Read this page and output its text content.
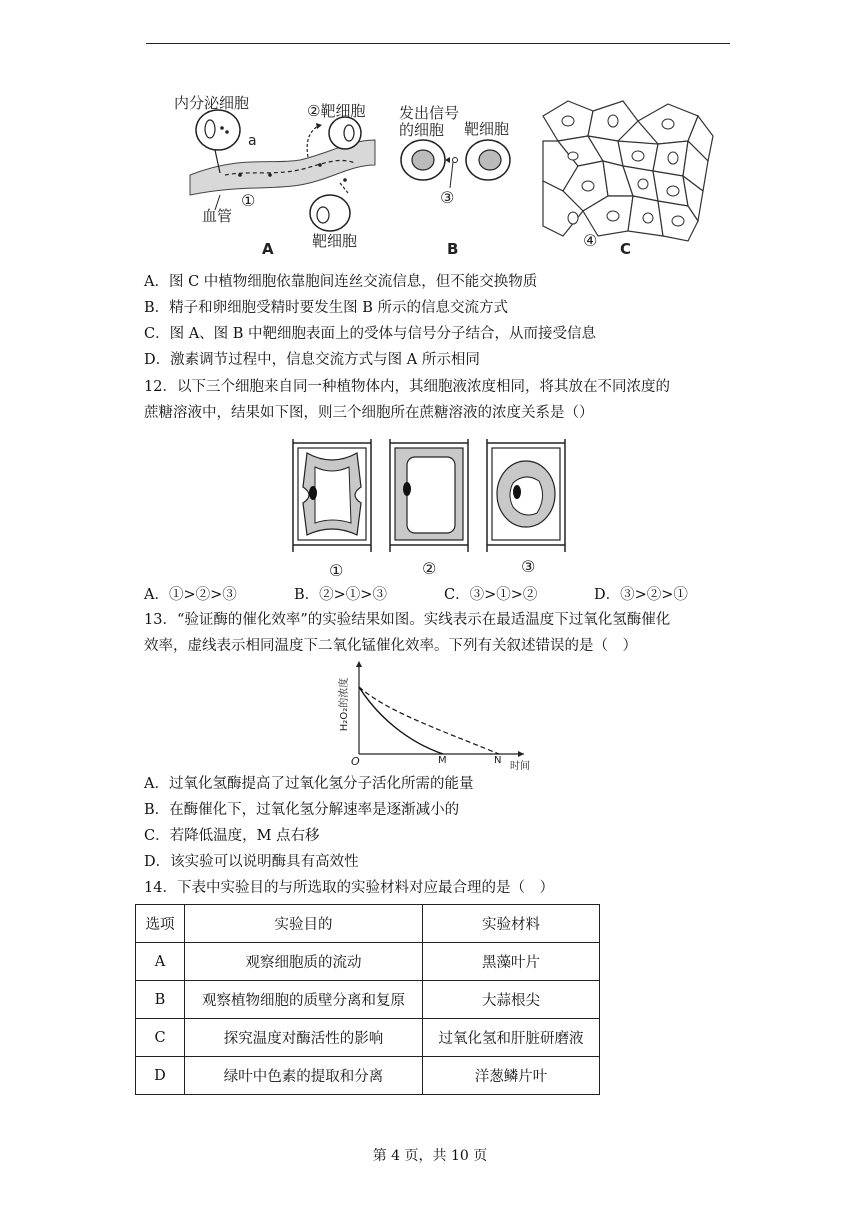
内分泌细胞
a
②靶细胞
血管
①
靶细胞
A
发出信号
的细胞 靶细胞
③
B	④ C
A．图 C 中植物细胞依靠胞间连丝交流信息，但不能交换物质
B．精子和卵细胞受精时要发生图 B 所示的信息交流方式
C．图 A、图 B 中靶细胞表面上的受体与信号分子结合，从而接受信息
D．激素调节过程中，信息交流方式与图 A 所示相同
12．以下三个细胞来自同一种植物体内，其细胞液浓度相同，将其放在不同浓度的
蔗糖溶液中，结果如下图，则三个细胞所在蔗糖溶液的浓度关系是（）
①	②	③
A．①>②>③	B．②>①>③	C．③>①>②	D．③>②>①
13．“验证酶的催化效率”的实验结果如图。实线表示在最适温度下过氧化氢酶催化
效率，虚线表示相同温度下二氧化锰催化效率。下列有关叙述错误的是（　）
H₂O₂的浓度
O	M	N
时间
A．过氧化氢酶提高了过氧化氢分子活化所需的能量
B．在酶催化下，过氧化氢分解速率是逐渐减小的
C．若降低温度，M 点右移
D．该实验可以说明酶具有高效性
14．下表中实验目的与所选取的实验材料对应最合理的是（　）
选项	实验目的	实验材料
A	观察细胞质的流动	黑藻叶片
B	观察植物细胞的质壁分离和复原	大蒜根尖
C	探究温度对酶活性的影响	过氧化氢和肝脏研磨液
D	绿叶中色素的提取和分离	洋葱鳞片叶
第 4 页，共 10 页
